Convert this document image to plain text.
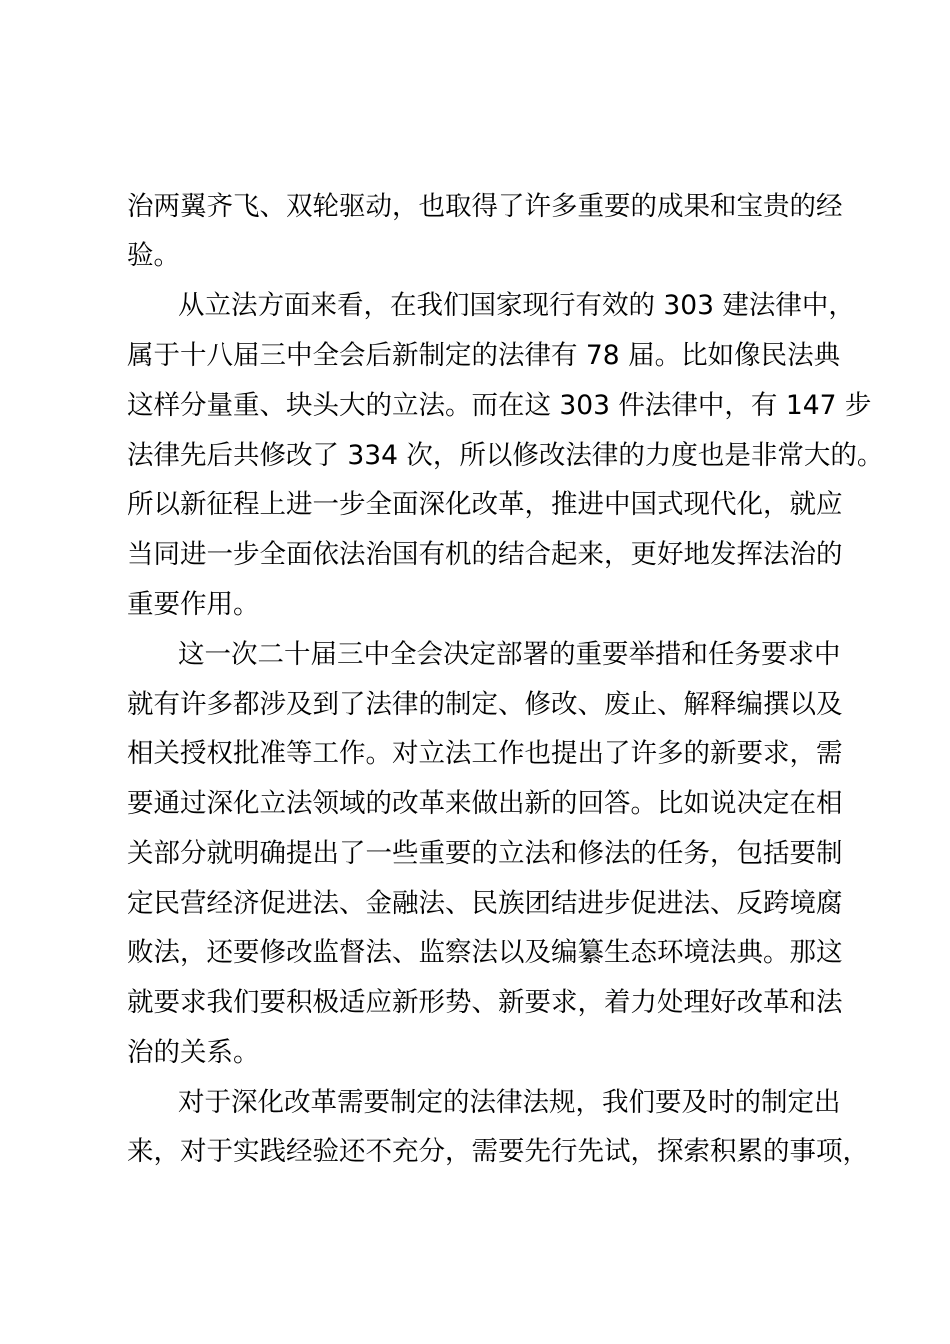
治两翼齐飞、双轮驱动，也取得了许多重要的成果和宝贵的经
验。
从立法方面来看，在我们国家现行有效的 303 建法律中，
属于十八届三中全会后新制定的法律有 78 届。比如像民法典
这样分量重、块头大的立法。而在这 303 件法律中，有 147 步
法律先后共修改了 334 次，所以修改法律的力度也是非常大的。
所以新征程上进一步全面深化改革，推进中国式现代化，就应
当同进一步全面依法治国有机的结合起来，更好地发挥法治的
重要作用。
这一次二十届三中全会决定部署的重要举措和任务要求中
就有许多都涉及到了法律的制定、修改、废止、解释编撰以及
相关授权批准等工作。对立法工作也提出了许多的新要求，需
要通过深化立法领域的改革来做出新的回答。比如说决定在相
关部分就明确提出了一些重要的立法和修法的任务，包括要制
定民营经济促进法、金融法、民族团结进步促进法、反跨境腐
败法，还要修改监督法、监察法以及编纂生态环境法典。那这
就要求我们要积极适应新形势、新要求，着力处理好改革和法
治的关系。
对于深化改革需要制定的法律法规，我们要及时的制定出
来，对于实践经验还不充分，需要先行先试，探索积累的事项，
